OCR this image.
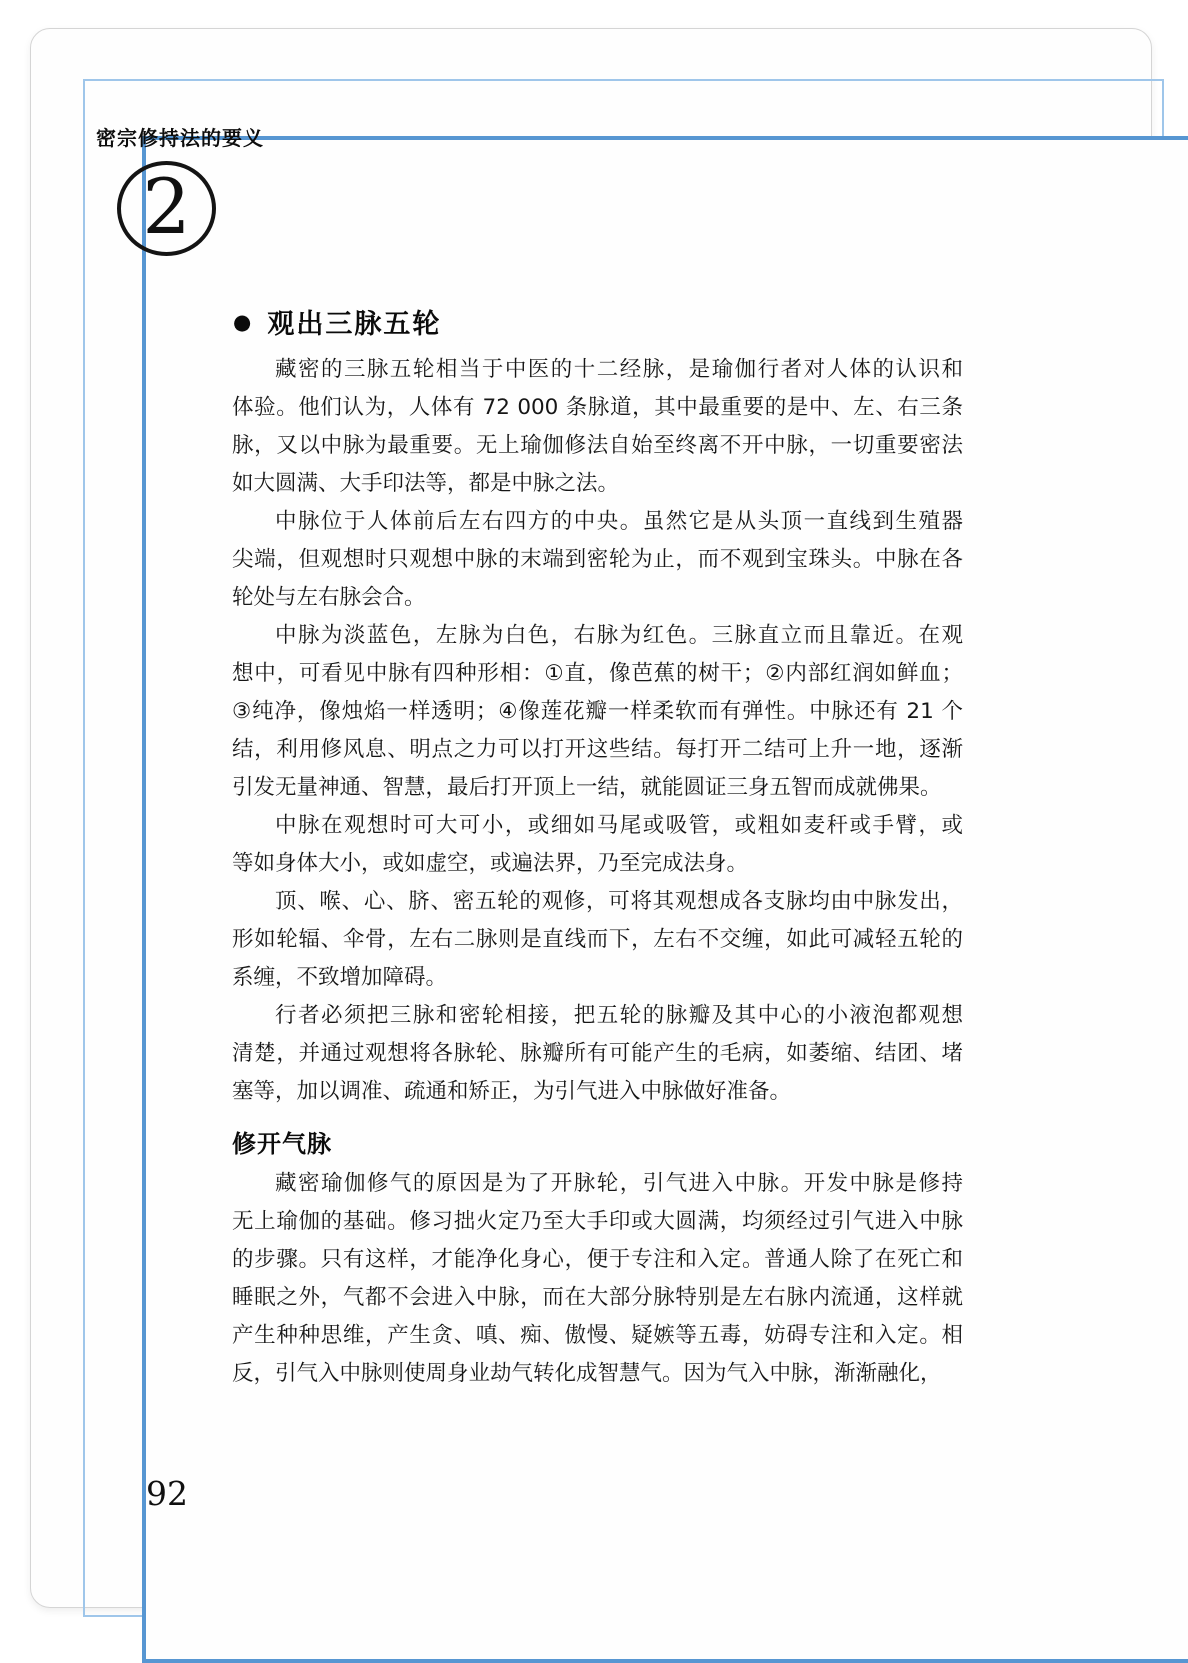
密宗修持法的要义
2
● 观出三脉五轮
藏密的三脉五轮相当于中医的十二经脉，是瑜伽行者对人体的认识和
体验。他们认为，人体有 72 000 条脉道，其中最重要的是中、左、右三条
脉，又以中脉为最重要。无上瑜伽修法自始至终离不开中脉，一切重要密法
如大圆满、大手印法等，都是中脉之法。
中脉位于人体前后左右四方的中央。虽然它是从头顶一直线到生殖器
尖端，但观想时只观想中脉的末端到密轮为止，而不观到宝珠头。中脉在各
轮处与左右脉会合。
中脉为淡蓝色，左脉为白色，右脉为红色。三脉直立而且靠近。在观
想中，可看见中脉有四种形相：①直，像芭蕉的树干；②内部红润如鲜血；
③纯净，像烛焰一样透明；④像莲花瓣一样柔软而有弹性。中脉还有 21 个
结，利用修风息、明点之力可以打开这些结。每打开二结可上升一地，逐渐
引发无量神通、智慧，最后打开顶上一结，就能圆证三身五智而成就佛果。
中脉在观想时可大可小，或细如马尾或吸管，或粗如麦秆或手臂，或
等如身体大小，或如虚空，或遍法界，乃至完成法身。
顶、喉、心、脐、密五轮的观修，可将其观想成各支脉均由中脉发出，
形如轮辐、伞骨，左右二脉则是直线而下，左右不交缠，如此可减轻五轮的
系缠，不致增加障碍。
行者必须把三脉和密轮相接，把五轮的脉瓣及其中心的小液泡都观想
清楚，并通过观想将各脉轮、脉瓣所有可能产生的毛病，如萎缩、结团、堵
塞等，加以调准、疏通和矫正，为引气进入中脉做好准备。
修开气脉
藏密瑜伽修气的原因是为了开脉轮，引气进入中脉。开发中脉是修持
无上瑜伽的基础。修习拙火定乃至大手印或大圆满，均须经过引气进入中脉
的步骤。只有这样，才能净化身心，便于专注和入定。普通人除了在死亡和
睡眠之外，气都不会进入中脉，而在大部分脉特别是左右脉内流通，这样就
产生种种思维，产生贪、嗔、痴、傲慢、疑嫉等五毒，妨碍专注和入定。相
反，引气入中脉则使周身业劫气转化成智慧气。因为气入中脉，渐渐融化，
92
